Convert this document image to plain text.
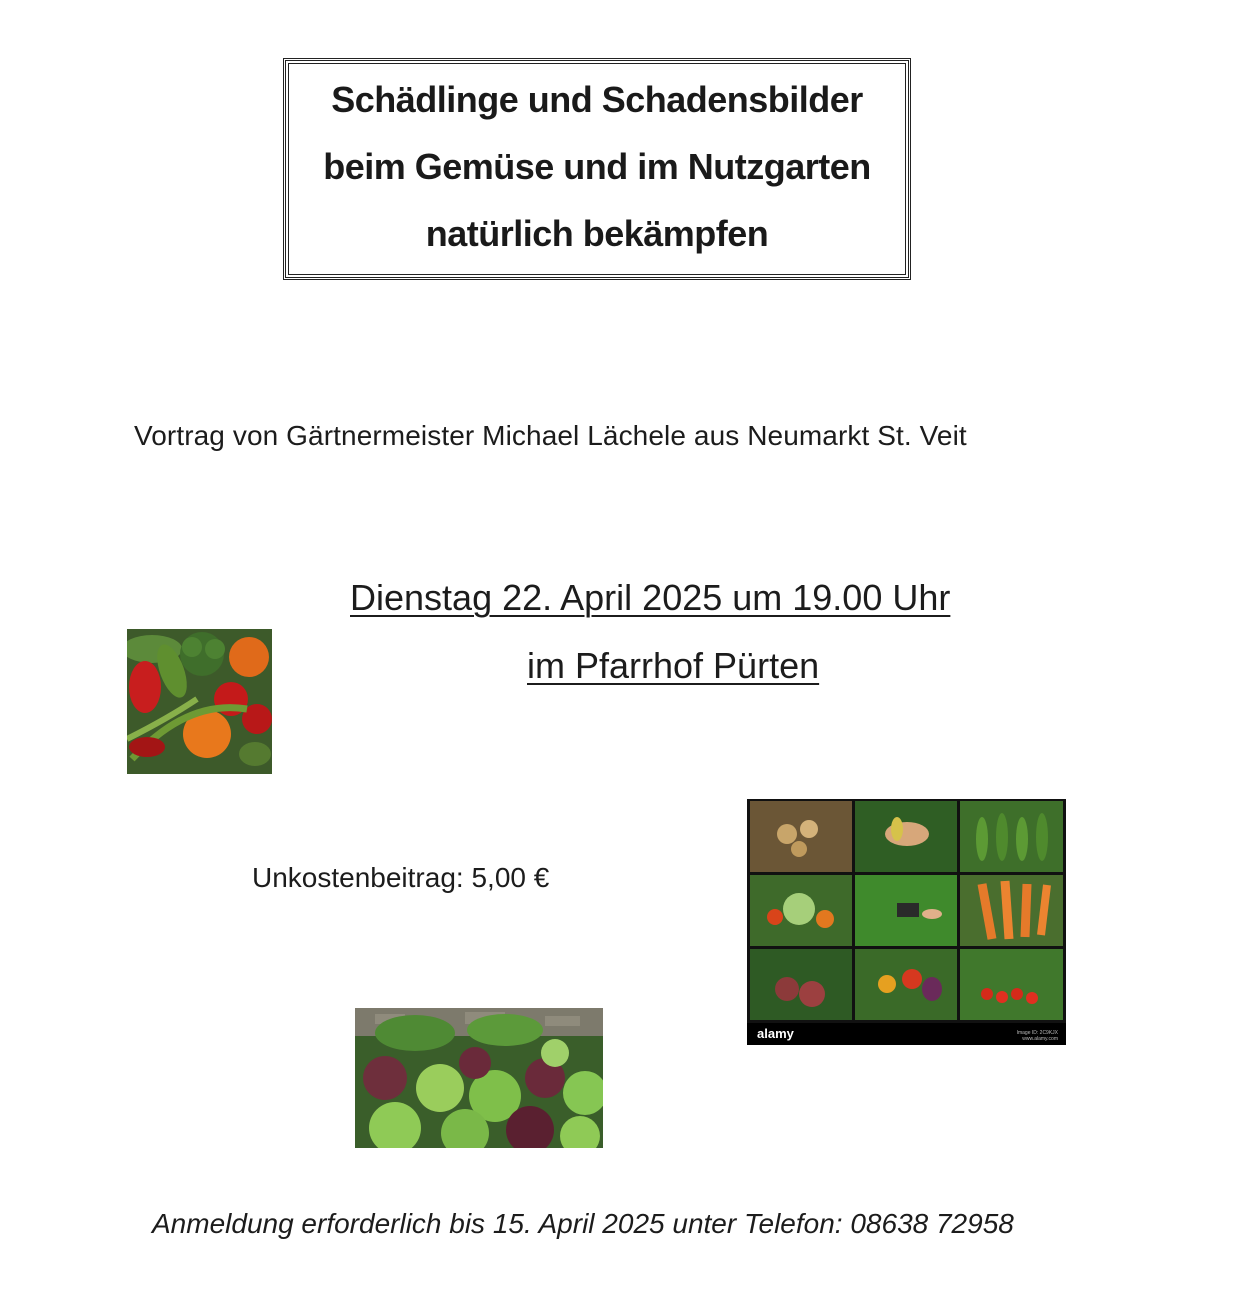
Schädlinge und Schadensbilder
beim Gemüse und im Nutzgarten
natürlich bekämpfen
Vortrag von Gärtnermeister Michael Lächele aus Neumarkt St. Veit
Dienstag 22. April 2025 um 19.00 Uhr
im Pfarrhof Pürten
alamy	Image ID: 2C9KJX
www.alamy.com
Unkostenbeitrag: 5,00 €
Anmeldung erforderlich bis 15. April 2025 unter Telefon: 08638 72958
